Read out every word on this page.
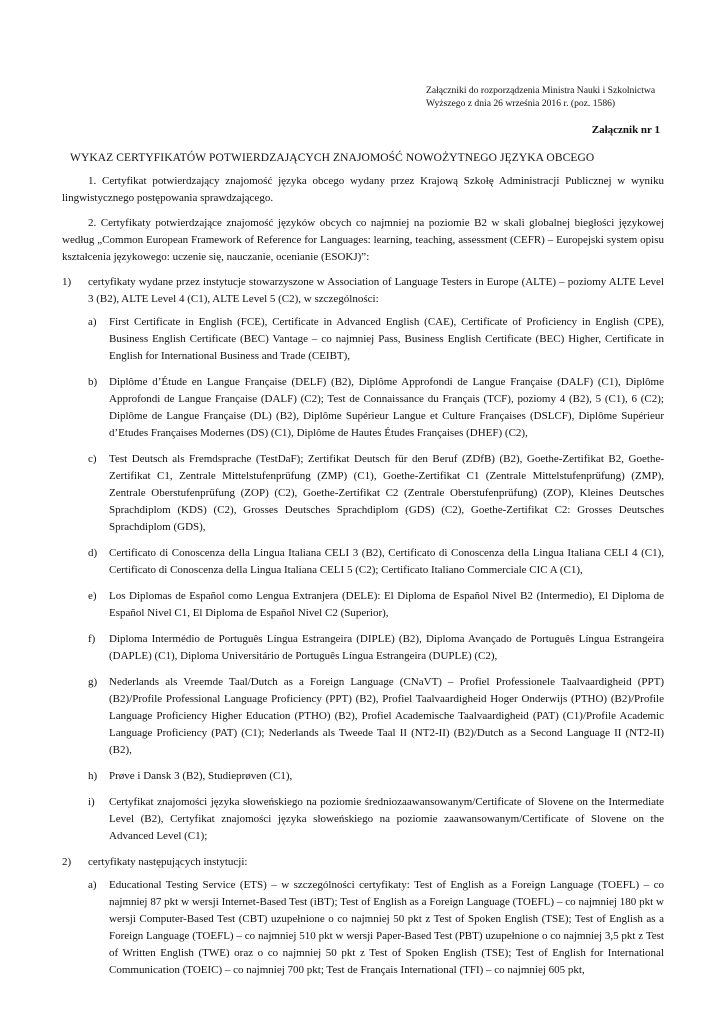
Załączniki do rozporządzenia Ministra Nauki i Szkolnictwa
Wyższego z dnia 26 września 2016 r. (poz. 1586)
Załącznik nr 1
WYKAZ CERTYFIKATÓW POTWIERDZAJĄCYCH ZNAJOMOŚĆ NOWOŻYTNEGO JĘZYKA OBCEGO

1. Certyfikat potwierdzający znajomość języka obcego wydany przez Krajową Szkołę Administracji Publicznej w wyniku lingwistycznego postępowania sprawdzającego.

2. Certyfikaty potwierdzające znajomość języków obcych co najmniej na poziomie B2 w skali globalnej biegłości językowej według „Common European Framework of Reference for Languages: learning, teaching, assessment (CEFR) – Europejski system opisu kształcenia językowego: uczenie się, nauczanie, ocenianie (ESOKJ)”:

1)	certyfikaty wydane przez instytucje stowarzyszone w Association of Language Testers in Europe (ALTE) – poziomy ALTE Level 3 (B2), ALTE Level 4 (C1), ALTE Level 5 (C2), w szczególności:
a)	First Certificate in English (FCE), Certificate in Advanced English (CAE), Certificate of Proficiency in English (CPE), Business English Certificate (BEC) Vantage – co najmniej Pass, Business English Certificate (BEC) Higher, Certificate in English for International Business and Trade (CEIBT),
b)	Diplôme d’Étude en Langue Française (DELF) (B2), Diplôme Approfondi de Langue Française (DALF) (C1), Diplôme Approfondi de Langue Française (DALF) (C2); Test de Connaissance du Français (TCF), poziomy 4 (B2), 5 (C1), 6 (C2); Diplôme de Langue Française (DL) (B2), Diplôme Supérieur Langue et Culture Françaises (DSLCF), Diplôme Supérieur d’Etudes Françaises Modernes (DS) (C1), Diplôme de Hautes Études Françaises (DHEF) (C2),
c)	Test Deutsch als Fremdsprache (TestDaF); Zertifikat Deutsch für den Beruf (ZDfB) (B2), Goethe-Zertifikat B2, Goethe-Zertifikat C1, Zentrale Mittelstufenprüfung (ZMP) (C1), Goethe-Zertifikat C1 (Zentrale Mittelstufenprüfung) (ZMP), Zentrale Oberstufenprüfung (ZOP) (C2), Goethe-Zertifikat C2 (Zentrale Oberstufenprüfung) (ZOP), Kleines Deutsches Sprachdiplom (KDS) (C2), Grosses Deutsches Sprachdiplom (GDS) (C2), Goethe-Zertifikat C2: Grosses Deutsches Sprachdiplom (GDS),
d)	Certificato di Conoscenza della Lingua Italiana CELI 3 (B2), Certificato di Conoscenza della Lingua Italiana CELI 4 (C1), Certificato di Conoscenza della Lingua Italiana CELI 5 (C2); Certificato Italiano Commerciale CIC A (C1),
e)	Los Diplomas de Español como Lengua Extranjera (DELE): El Diploma de Español Nivel B2 (Intermedio), El Diploma de Español Nivel C1, El Diploma de Español Nivel C2 (Superior),
f)	Diploma Intermédio de Português Língua Estrangeira (DIPLE) (B2), Diploma Avançado de Português Língua Estrangeira (DAPLE) (C1), Diploma Universitário de Português Língua Estrangeira (DUPLE) (C2),
g)	Nederlands als Vreemde Taal/Dutch as a Foreign Language (CNaVT) – Profiel Professionele Taalvaardigheid (PPT) (B2)/Profile Professional Language Proficiency (PPT) (B2), Profiel Taalvaardigheid Hoger Onderwijs (PTHO) (B2)/Profile Language Proficiency Higher Education (PTHO) (B2), Profiel Academische Taalvaardigheid (PAT) (C1)/Profile Academic Language Proficiency (PAT) (C1); Nederlands als Tweede Taal II (NT2-II) (B2)/Dutch as a Second Language II (NT2-II) (B2),
h)	Prøve i Dansk 3 (B2), Studieprøven (C1),
i)	Certyfikat znajomości języka słoweńskiego na poziomie średniozaawansowanym/Certificate of Slovene on the Intermediate Level (B2), Certyfikat znajomości języka słoweńskiego na poziomie zaawansowanym/Certificate of Slovene on the Advanced Level (C1);
2)	certyfikaty następujących instytucji:
a)	Educational Testing Service (ETS) – w szczególności certyfikaty: Test of English as a Foreign Language (TOEFL) – co najmniej 87 pkt w wersji Internet-Based Test (iBT); Test of English as a Foreign Language (TOEFL) – co najmniej 180 pkt w wersji Computer-Based Test (CBT) uzupełnione o co najmniej 50 pkt z Test of Spoken English (TSE); Test of English as a Foreign Language (TOEFL) – co najmniej 510 pkt w wersji Paper-Based Test (PBT) uzupełnione o co najmniej 3,5 pkt z Test of Written English (TWE) oraz o co najmniej 50 pkt z Test of Spoken English (TSE); Test of English for International Communication (TOEIC) – co najmniej 700 pkt; Test de Français International (TFI) – co najmniej 605 pkt,
